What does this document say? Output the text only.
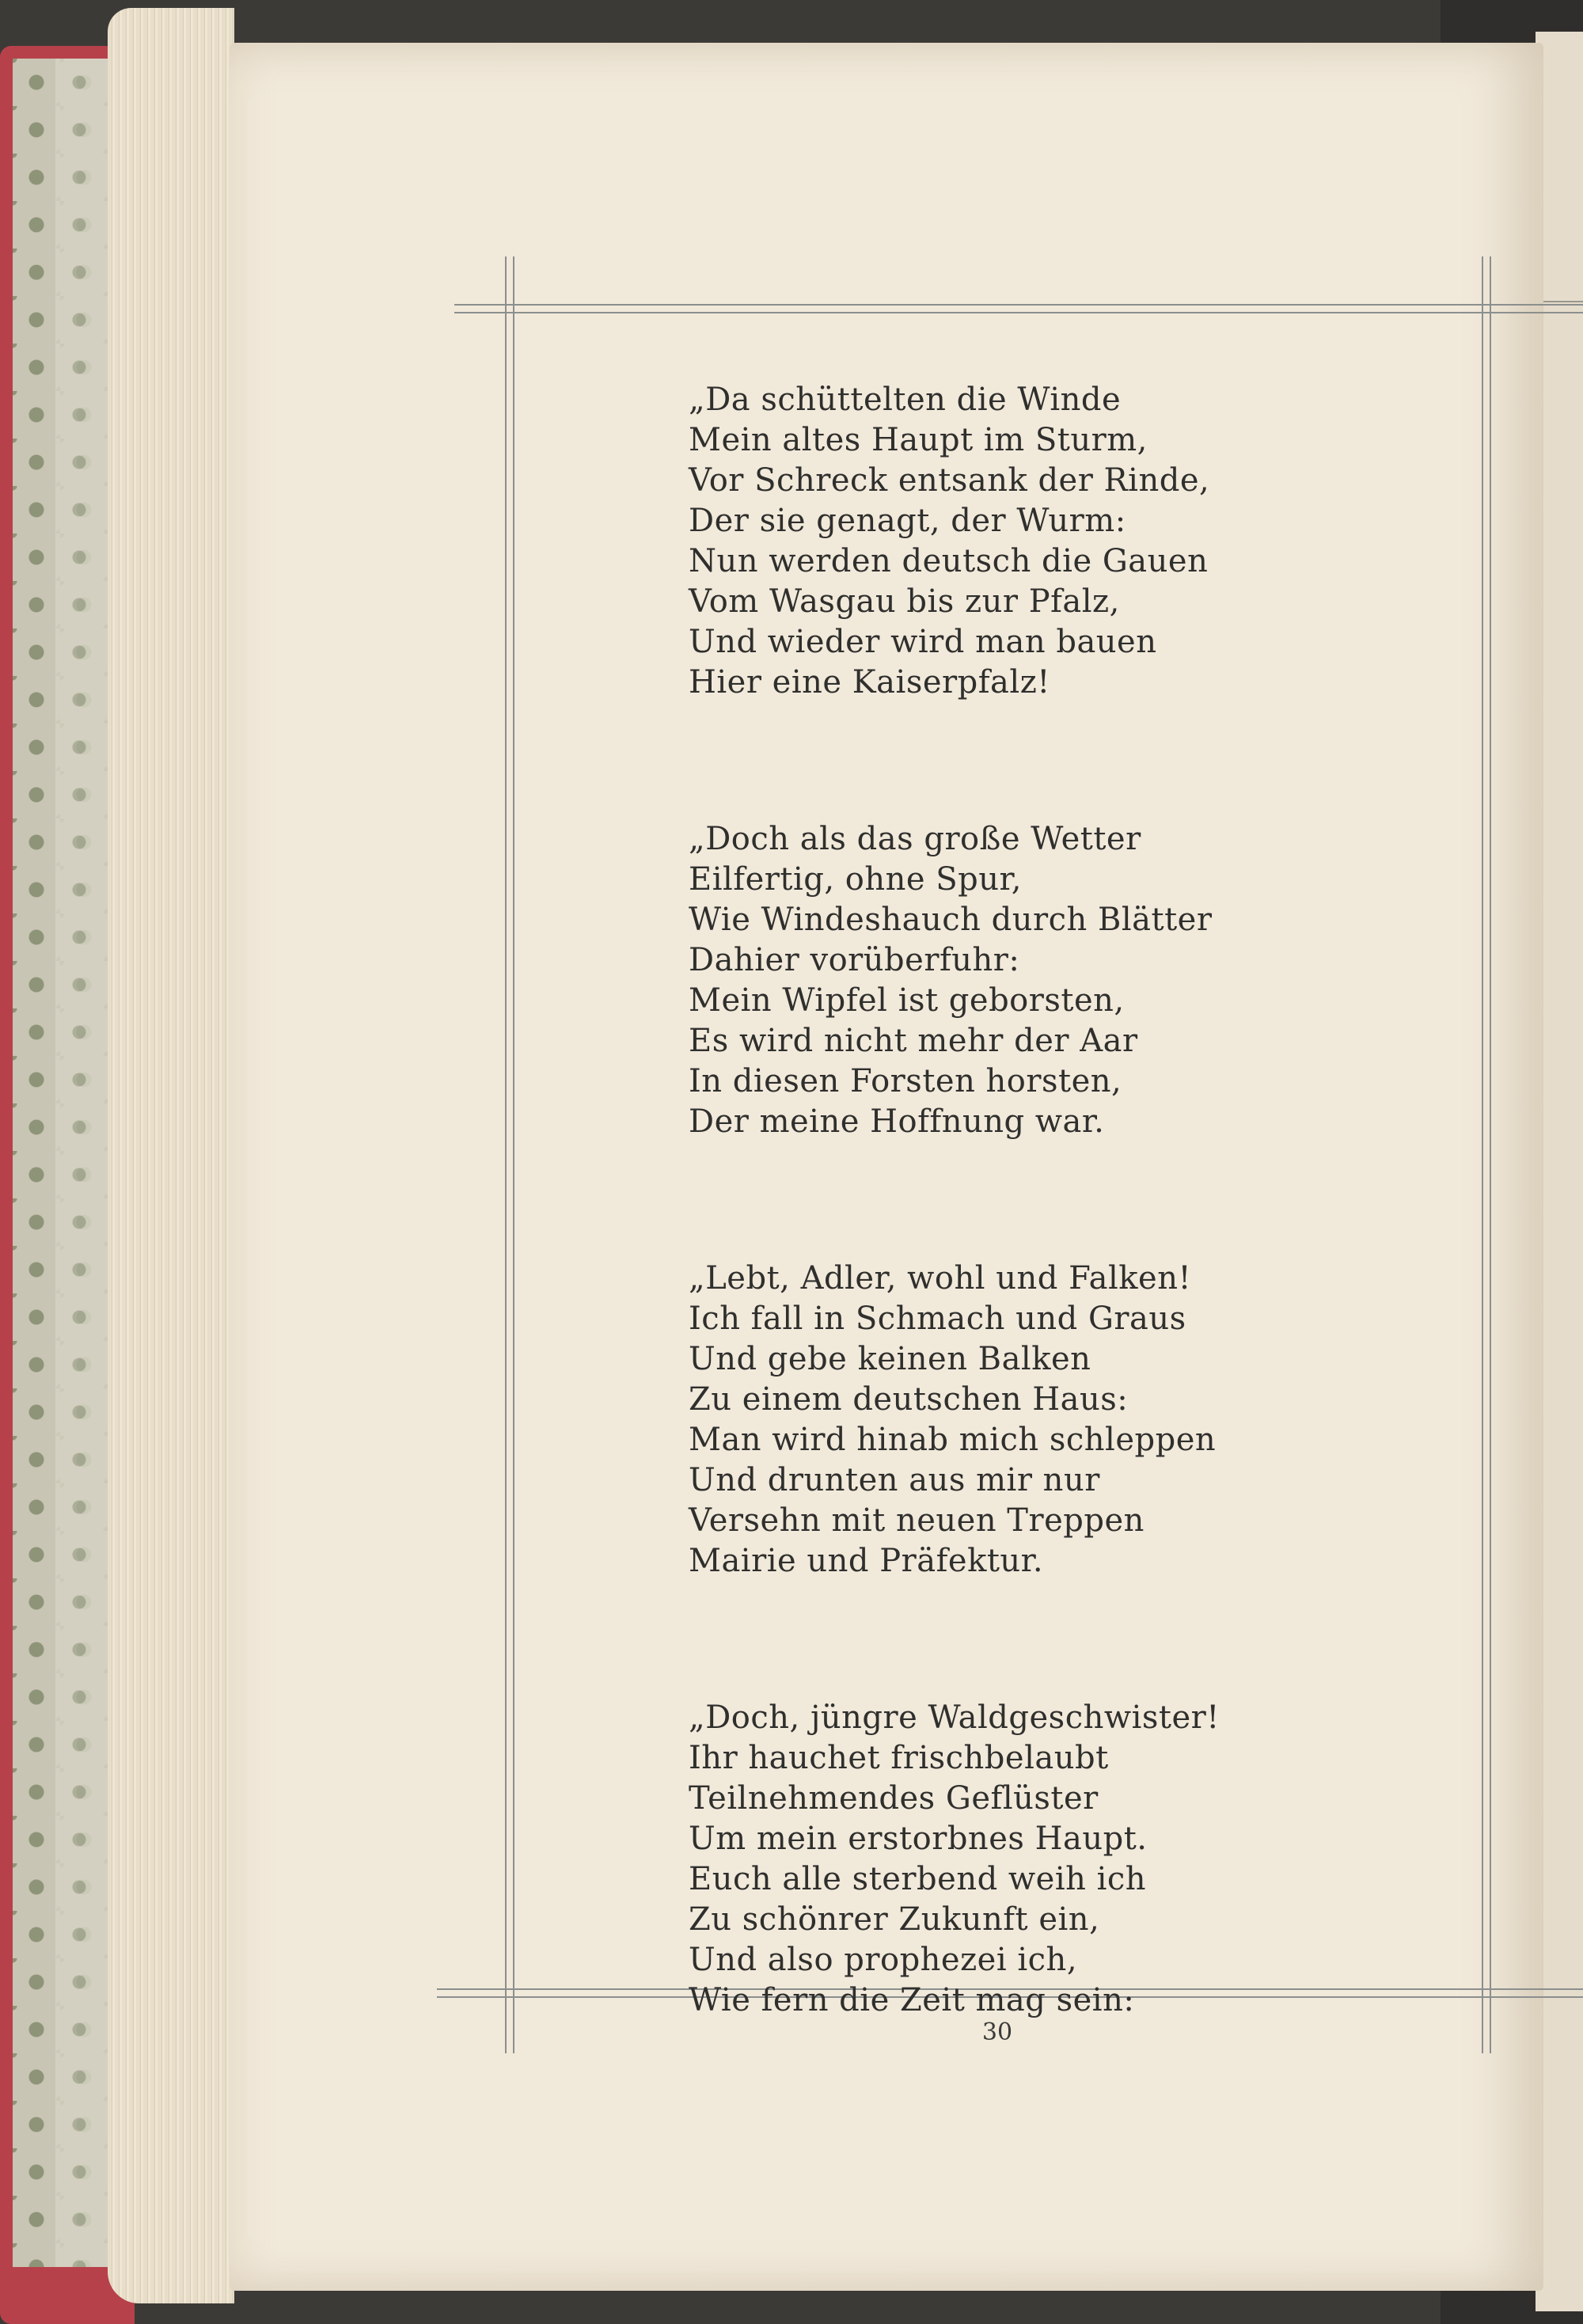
„Da schüttelten die Winde
Mein altes Haupt im Sturm,
Vor Schreck entsank der Rinde,
Der sie genagt, der Wurm:
Nun werden deutsch die Gauen
Vom Wasgau bis zur Pfalz,
Und wieder wird man bauen
Hier eine Kaiserpfalz!
„Doch als das große Wetter
Eilfertig, ohne Spur,
Wie Windeshauch durch Blätter
Dahier vorüberfuhr:
Mein Wipfel ist geborsten,
Es wird nicht mehr der Aar
In diesen Forsten horsten,
Der meine Hoffnung war.
„Lebt, Adler, wohl und Falken!
Ich fall in Schmach und Graus
Und gebe keinen Balken
Zu einem deutschen Haus:
Man wird hinab mich schleppen
Und drunten aus mir nur
Versehn mit neuen Treppen
Mairie und Präfektur.
„Doch, jüngre Waldgeschwister!
Ihr hauchet frischbelaubt
Teilnehmendes Geflüster
Um mein erstorbnes Haupt.
Euch alle sterbend weih ich
Zu schönrer Zukunft ein,
Und also prophezei ich,
Wie fern die Zeit mag sein:
30
